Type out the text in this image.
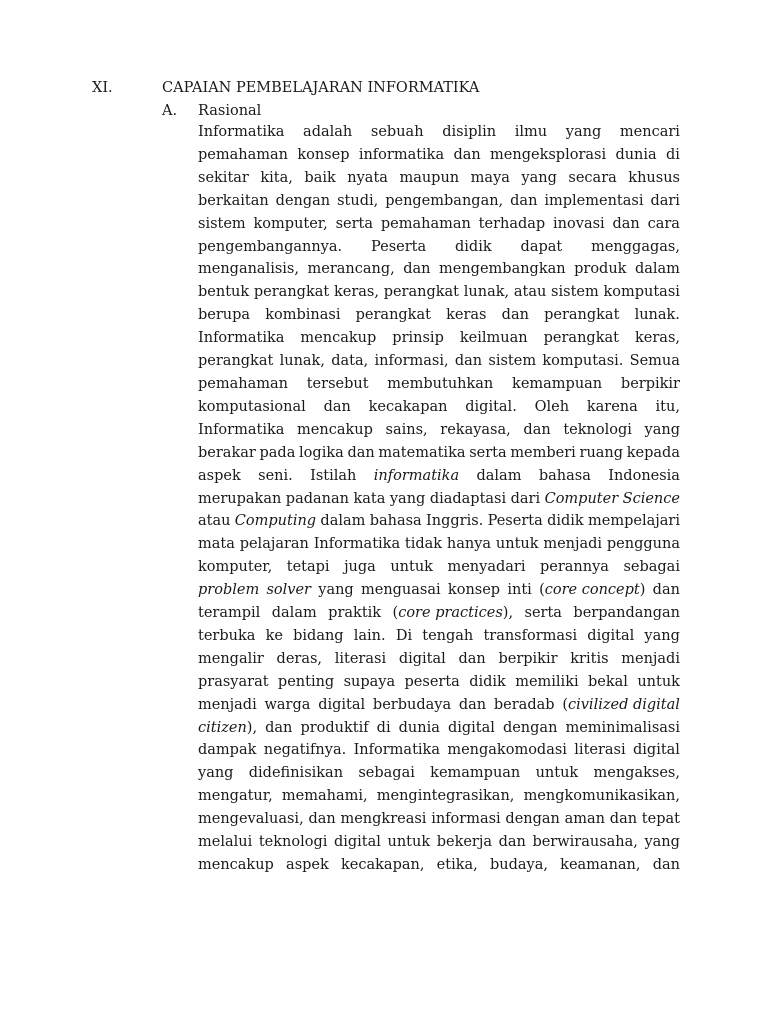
XI.	CAPAIAN PEMBELAJARAN INFORMATIKA
A. Rasional
Informatika adalah sebuah disiplin ilmu yang mencari
pemahaman konsep informatika dan mengeksplorasi dunia di
sekitar kita, baik nyata maupun maya yang secara khusus
berkaitan dengan studi, pengembangan, dan implementasi dari
sistem komputer, serta pemahaman terhadap inovasi dan cara
pengembangannya. Peserta didik dapat menggagas,
menganalisis, merancang, dan mengembangkan produk dalam
bentuk perangkat keras, perangkat lunak, atau sistem komputasi
berupa kombinasi perangkat keras dan perangkat lunak.
Informatika mencakup prinsip keilmuan perangkat keras,
perangkat lunak, data, informasi, dan sistem komputasi. Semua
pemahaman tersebut membutuhkan kemampuan berpikir
komputasional dan kecakapan digital. Oleh karena itu,
Informatika mencakup sains, rekayasa, dan teknologi yang
berakar pada logika dan matematika serta memberi ruang kepada
aspek seni. Istilah informatika dalam bahasa Indonesia
merupakan padanan kata yang diadaptasi dari Computer Science
atau Computing dalam bahasa Inggris. Peserta didik mempelajari
mata pelajaran Informatika tidak hanya untuk menjadi pengguna
komputer, tetapi juga untuk menyadari perannya sebagai
problem solver yang menguasai konsep inti (core concept) dan
terampil dalam praktik (core practices), serta berpandangan
terbuka ke bidang lain. Di tengah transformasi digital yang
mengalir deras, literasi digital dan berpikir kritis menjadi
prasyarat penting supaya peserta didik memiliki bekal untuk
menjadi warga digital berbudaya dan beradab (civilized digital
citizen), dan produktif di dunia digital dengan meminimalisasi
dampak negatifnya. Informatika mengakomodasi literasi digital
yang didefinisikan sebagai kemampuan untuk mengakses,
mengatur, memahami, mengintegrasikan, mengkomunikasikan,
mengevaluasi, dan mengkreasi informasi dengan aman dan tepat
melalui teknologi digital untuk bekerja dan berwirausaha, yang
mencakup aspek kecakapan, etika, budaya, keamanan, dan
